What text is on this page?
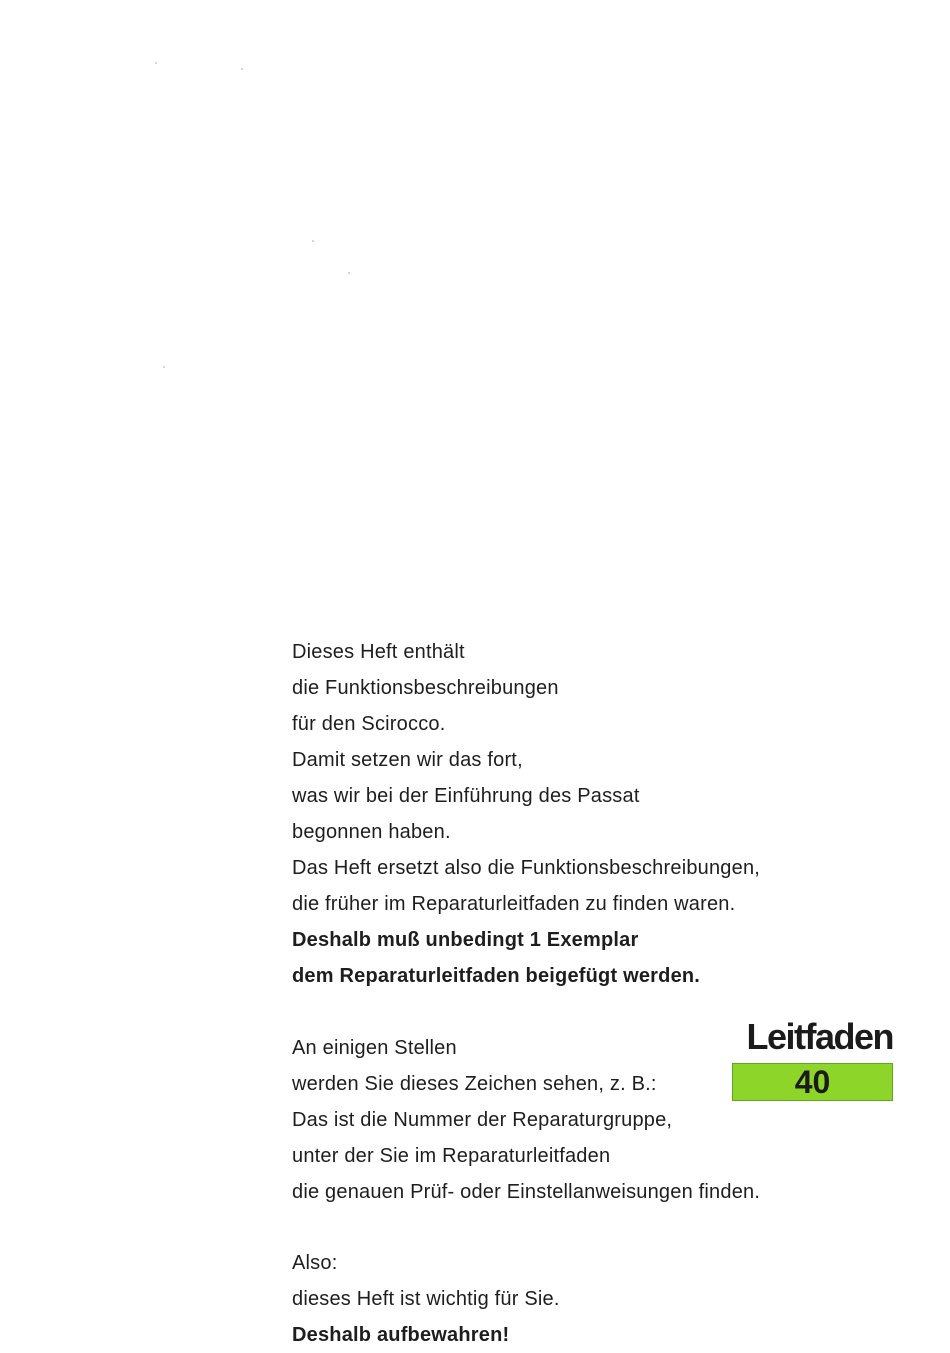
Dieses Heft enthält
die Funktionsbeschreibungen
für den Scirocco.
Damit setzen wir das fort,
was wir bei der Einführung des Passat
begonnen haben.
Das Heft ersetzt also die Funktionsbeschreibungen,
die früher im Reparaturleitfaden zu finden waren.
Deshalb muß unbedingt 1 Exemplar
dem Reparaturleitfaden beigefügt werden.
An einigen Stellen
werden Sie dieses Zeichen sehen, z. B.:
Das ist die Nummer der Reparaturgruppe,
unter der Sie im Reparaturleitfaden
die genauen Prüf- oder Einstellanweisungen finden.
Leitfaden
40
Also:
dieses Heft ist wichtig für Sie.
Deshalb aufbewahren!
